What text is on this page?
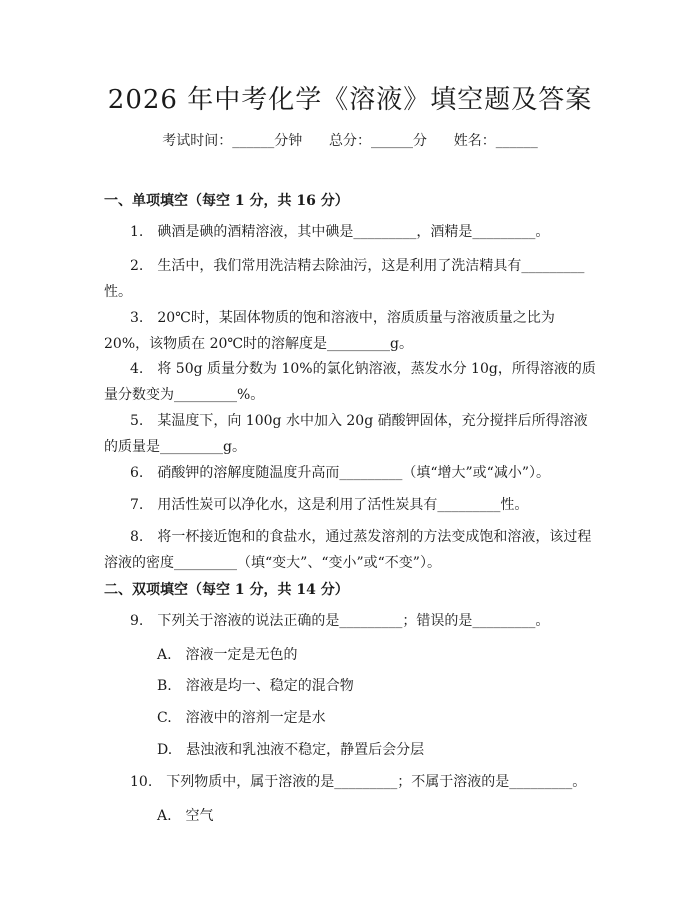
2026 年中考化学《溶液》填空题及答案
考试时间：______分钟 总分：______分 姓名：______
一、单项填空（每空 1 分，共 16 分）
1.　碘酒是碘的酒精溶液，其中碘是_________，酒精是_________。
2.　生活中，我们常用洗洁精去除油污，这是利用了洗洁精具有_________性。
3.　20℃时，某固体物质的饱和溶液中，溶质质量与溶液质量之比为 20%，该物质在 20℃时的溶解度是_________g。
4.　将 50g 质量分数为 10%的氯化钠溶液，蒸发水分 10g，所得溶液的质量分数变为_________%。
5.　某温度下，向 100g 水中加入 20g 硝酸钾固体，充分搅拌后所得溶液的质量是_________g。
6.　硝酸钾的溶解度随温度升高而_________（填“增大”或“减小”）。
7.　用活性炭可以净化水，这是利用了活性炭具有_________性。
8.　将一杯接近饱和的食盐水，通过蒸发溶剂的方法变成饱和溶液，该过程溶液的密度_________（填“变大”、“变小”或“不变”）。
二、双项填空（每空 1 分，共 14 分）
9.　下列关于溶液的说法正确的是_________；错误的是_________。
A.　溶液一定是无色的
B.　溶液是均一、稳定的混合物
C.　溶液中的溶剂一定是水
D.　悬浊液和乳浊液不稳定，静置后会分层
10.　下列物质中，属于溶液的是_________；不属于溶液的是_________。
A.　空气
